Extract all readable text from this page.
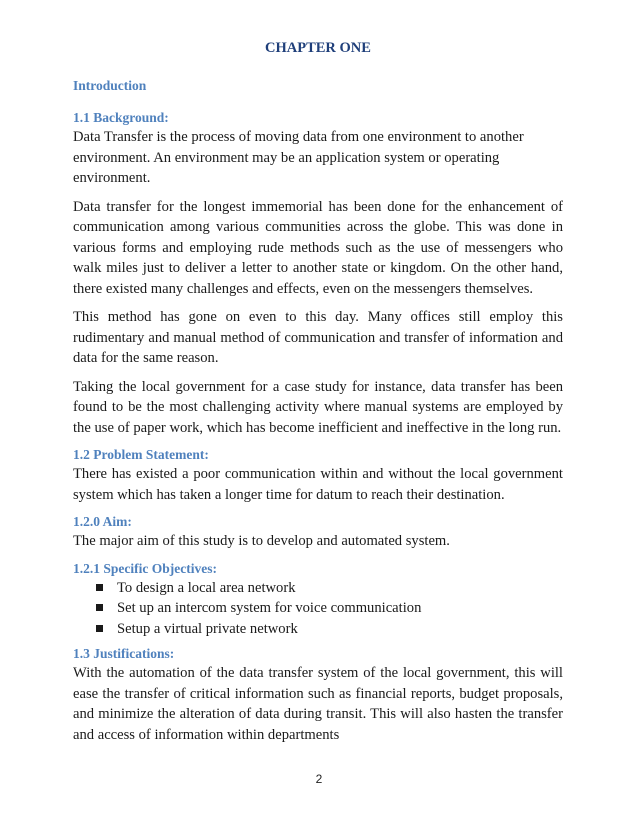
CHAPTER ONE
Introduction
1.1 Background:

Data Transfer is the process of moving data from one environment to another environment. An environment may be an application system or operating environment.

Data transfer for the longest immemorial has been done for the enhancement of communication among various communities across the globe. This was done in various forms and employing rude methods such as the use of messengers who walk miles just to deliver a letter to another state or kingdom. On the other hand, there existed many challenges and effects, even on the messengers themselves.

This method has gone on even to this day. Many offices still employ this rudimentary and manual method of communication and transfer of information and data for the same reason.

Taking the local government for a case study for instance, data transfer has been found to be the most challenging activity where manual systems are employed by the use of paper work, which has become inefficient and ineffective in the long run.

1.2 Problem Statement:

There has existed a poor communication within and without the local government system which has taken a longer time for datum to reach their destination.

1.2.0 Aim:

The major aim of this study is to develop and automated system.

1.2.1 Specific Objectives:
To design a local area network
Set up an intercom system for voice communication
Setup a virtual private network
1.3 Justifications:

With the automation of the data transfer system of the local government, this will ease the transfer of critical information such as financial reports, budget proposals, and minimize the alteration of data during transit. This will also hasten the transfer and access of information within departments

2
